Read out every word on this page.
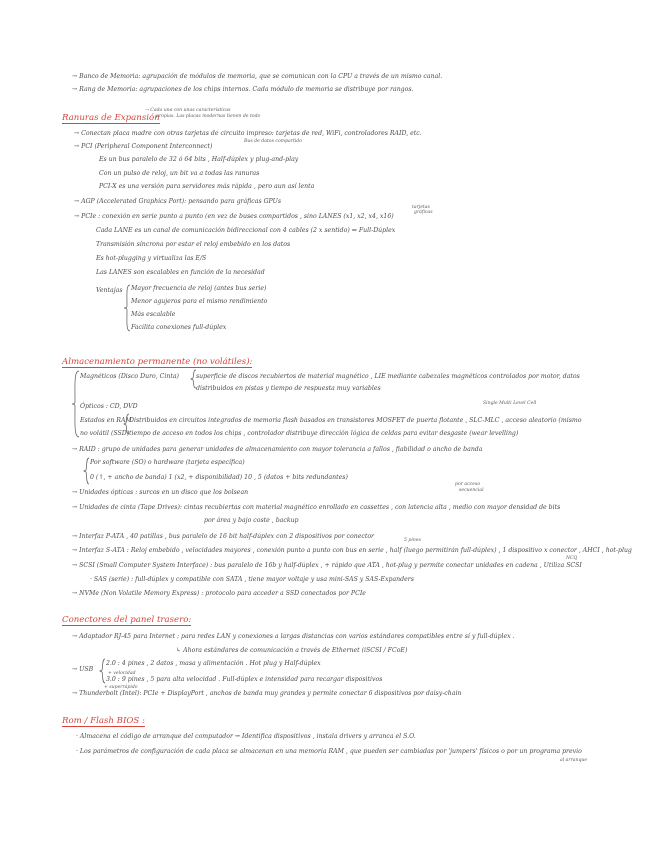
→ Banco de Memoria: agrupación de módulos de memoria, que se comunican con la CPU a través de un mismo canal.
→ Rang de Memoria: agrupaciones de los chips internos. Cada módulo de memoria se distribuye por rangos.
Ranuras de Expansión
→ Cada una con unas características
propias. Las placas modernas tienen de todo
→ Conectan placa madre con otras tarjetas de circuito impreso: tarjetas de red, WiFi, controladores RAID, etc.
→ PCI (Peripheral Component Interconnect)
Bus de datos compartido
Es un bus paralelo de 32 ó 64 bits , Half-dúplex y plug-and-play
Con un pulso de reloj, un bit va a todas las ranuras
PCI-X es una versión para servidores más rápida , pero aun así lenta
→ AGP (Accelerated Graphics Port): pensando para gráficas GPUs
→ PCIe : conexión en serie punto a punto (en vez de buses compartidos , sino LANES (x1, x2, x4, x16)
tarjetas
gráficas
Cada LANE es un canal de comunicación bidireccional con 4 cables (2 x sentido) ⇒ Full-Dúplex
Transmisión síncrona por estar el reloj embebido en los datos
Es hot-plugging y virtualiza las E/S
Las LANES son escalables en función de la necesidad
Ventajas Mayor frecuencia de reloj (antes bus serie)
Menor agujeros para el mismo rendimiento
Más escalable
Facilita conexiones full-dúplex
Almacenamiento permanente (no volátiles):
Magnéticos (Disco Duro, Cinta)	superficie de discos recubiertos de material magnético , LIE mediante cabezales magnéticos controlados por motor, datos
distribuidos en pistas y tiempo de respuesta muy variables
Ópticos : CD, DVD	Single Multi Level Cell
Estados en RAM
Distribuidos en circuitos integrados de memoria flash basados en transistores MOSFET de puerta flotante , SLC-MLC , acceso aleatorio (mismo
no volátil (SSD) tiempo de acceso en todos los chips , controlador distribuye dirección lógica de celdas para evitar desgaste (wear levelling)
→ RAID : grupo de unidades para generar unidades de almacenamiento con mayor tolerancia a fallos , fiabilidad o ancho de banda
Por software (SO) o hardware (tarjeta específica)
0 (↑, + ancho de banda) 1 (x2, + disponibilidad) 10 , 5 (datos + bits redundantes)
→ Unidades ópticas : surcos en un disco que los bolsean
por acceso
secuencial
→ Unidades de cinta (Tape Drives): cintas recubiertas con material magnético enrollado en cassettes , con latencia alta , medio con mayor densidad de bits
por área y bajo coste , backup
→ Interfaz P-ATA , 40 patillas , bus paralelo de 16 bit half-dúplex con 2 dispositivos por conector
5 pines
→ Interfaz S-ATA : Reloj embebido , velocidades mayores , conexión punto a punto con bus en serie , half (luego permitirán full-dúplex) , 1 dispositivo x conector , AHCI , hot-plug
NCQ
→ SCSI (Small Computer System Interface) : bus paralelo de 16b y half-dúplex , + rápido que ATA , hot-plug y permite conectar unidades en cadena , Utiliza SCSI
· SAS (serie) : full-dúplex y compatible con SATA , tiene mayor voltaje y usa mini-SAS y SAS-Expanders
→ NVMe (Non Volatile Memory Express) : protocolo para acceder a SSD conectados por PCIe
Conectores del panel trasero:
→ Adaptador RJ-45 para Internet : para redes LAN y conexiones a largas distancias con varios estándares compatibles entre sí y full-dúplex .
↳ Ahora estándares de comunicación a través de Ethernet (iSCSI / FCoE)
→ USB
2.0 : 4 pines , 2 datos , masa y alimentación . Hot plug y Half-dúplex
+ velocidad
3.0 : 9 pines , 5 para alta velocidad . Full-dúplex e intensidad para recargar dispositivos
+ superrápido
→ Thunderbolt (Intel): PCIe + DisplayPort , anchos de banda muy grandes y permite conectar 6 dispositivos por daisy-chain
Rom / Flash BIOS :
· Almacena el código de arranque del computador ⇝ Identifica dispositivos , instala drivers y arranca el S.O.
· Los parámetros de configuración de cada placa se almacenan en una memoria RAM , que pueden ser cambiadas por 'jumpers' físicos o por un programa previo
al arranque
